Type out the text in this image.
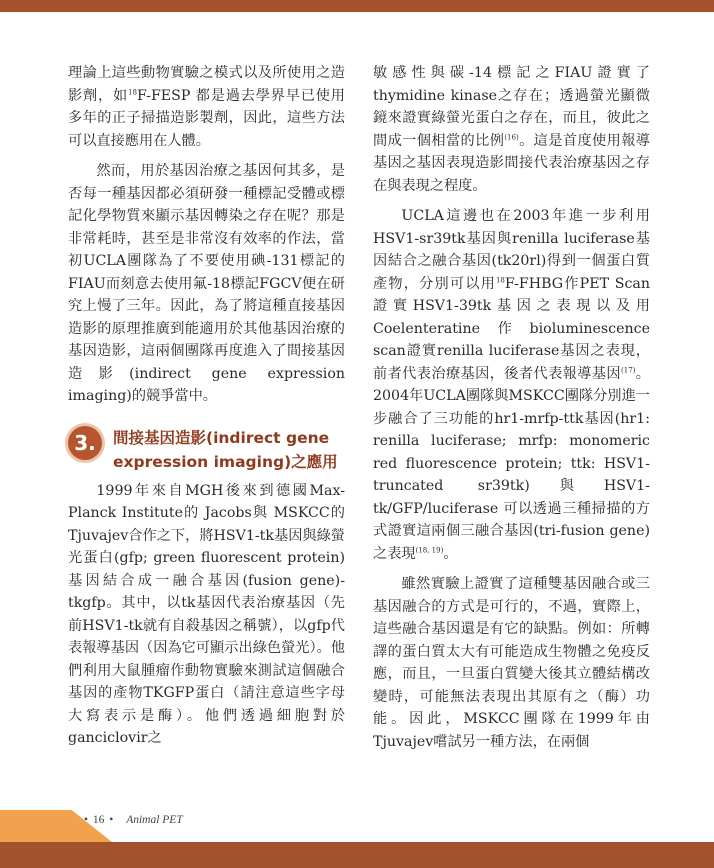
理論上這些動物實驗之模式以及所使用之造影劑，如$^{18}$F-FESP 都是過去學界早已使用多年的正子掃描造影製劑，因此，這些方法可以直接應用在人體。

然而，用於基因治療之基因何其多，是否每一種基因都必須研發一種標記受體或標記化學物質來顯示基因轉染之存在呢？那是非常耗時，甚至是非常沒有效率的作法，當初UCLA團隊為了不要使用碘-131標記的FIAU而刻意去使用氟-18標記FGCV便在研究上慢了三年。因此，為了將這種直接基因造影的原理推廣到能適用於其他基因治療的基因造影，這兩個團隊再度進入了間接基因造影(indirect gene expression imaging)的競爭當中。

3.	間接基因造影(indirect gene expression imaging)之應用

1999年來自MGH後來到德國Max-Planck Institute的 Jacobs與 MSKCC的Tjuvajev合作之下，將HSV1-tk基因與綠螢光蛋白(gfp; green fluorescent protein)基因結合成一融合基因(fusion gene)-tkgfp。其中，以tk基因代表治療基因（先前HSV1-tk就有自殺基因之稱號），以gfp代表報導基因（因為它可顯示出綠色螢光）。他們利用大鼠腫瘤作動物實驗來測試這個融合基因的產物TKGFP蛋白（請注意這些字母大寫表示是酶）。他們透過細胞對於ganciclovir之

敏感性與碳-14標記之FIAU證實了thymidine kinase之存在；透過螢光顯微鏡來證實綠螢光蛋白之存在，而且，彼此之間成一個相當的比例$^{(16)}$。這是首度使用報導基因之基因表現造影間接代表治療基因之存在與表現之程度。

UCLA這邊也在2003年進一步利用HSV1-sr39tk基因與renilla luciferase基因結合之融合基因(tk20rl)得到一個蛋白質產物，分別可以用$^{18}$F-FHBG作PET Scan證實HSV1-39tk基因之表現以及用Coelenteratine作bioluminescence scan證實renilla luciferase基因之表現，前者代表治療基因，後者代表報導基因$^{(17)}$。2004年UCLA團隊與MSKCC團隊分別進一步融合了三功能的hr1-mrfp-ttk基因(hr1: renilla luciferase; mrfp: monomeric red fluorescence protein; ttk: HSV1-truncated sr39tk)與HSV1-tk/GFP/luciferase 可以透過三種掃描的方式證實這兩個三融合基因(tri-fusion gene)之表現$^{(18, 19)}$。

雖然實驗上證實了這種雙基因融合或三基因融合的方式是可行的，不過，實際上，這些融合基因還是有它的缺點。例如：所轉譯的蛋白質太大有可能造成生物體之免疫反應，而且，一旦蛋白質變大後其立體結構改變時，可能無法表現出其原有之（酶）功能。因此，MSKCC團隊在1999年由Tjuvajev嚐試另一種方法，在兩個

• 16 • Animal PET
